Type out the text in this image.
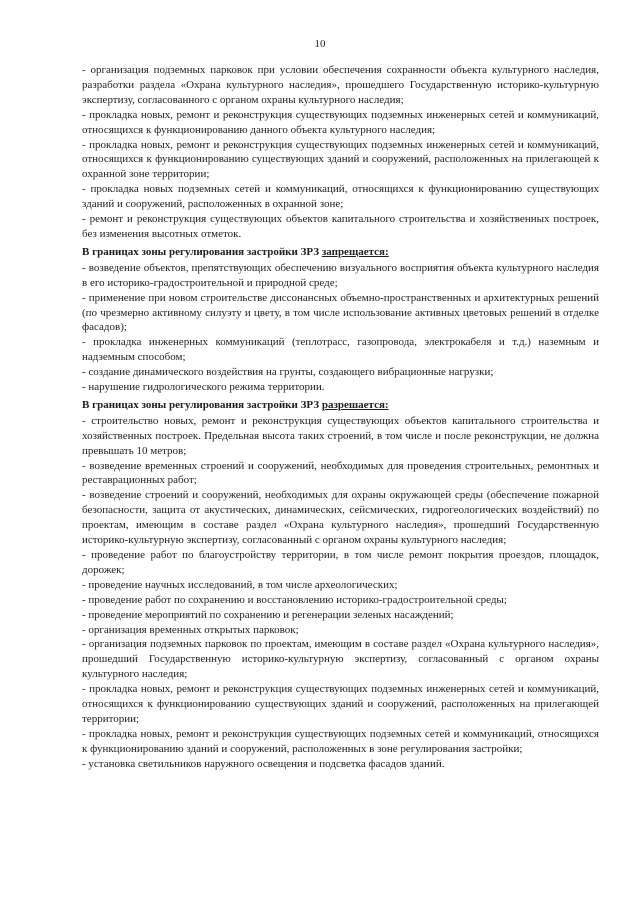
10

- организация подземных парковок при условии обеспечения сохранности объекта культурного наследия, разработки раздела «Охрана культурного наследия», прошедшего Государственную историко-культурную экспертизу, согласованного с органом охраны культурного наследия;

- прокладка новых, ремонт и реконструкция существующих подземных инженерных сетей и коммуникаций, относящихся к функционированию данного объекта культурного наследия;

- прокладка новых, ремонт и реконструкция существующих подземных инженерных сетей и коммуникаций, относящихся к функционированию существующих зданий и сооружений, расположенных на прилегающей к охранной зоне территории;

- прокладка новых подземных сетей и коммуникаций, относящихся к функционированию существующих зданий и сооружений, расположенных в охранной зоне;

- ремонт и реконструкция существующих объектов капитального строительства и хозяйственных построек, без изменения высотных отметок.

В границах зоны регулирования застройки ЗРЗ запрещается:

- возведение объектов, препятствующих обеспечению визуального восприятия объекта культурного наследия в его историко-градостроительной и природной среде;

- применение при новом строительстве диссонансных объемно-пространственных и архитектурных решений (по чрезмерно активному силуэту и цвету, в том числе использование активных цветовых решений в отделке фасадов);

- прокладка инженерных коммуникаций (теплотрасс, газопровода, электрокабеля и т.д.) наземным и надземным способом;

- создание динамического воздействия на грунты, создающего вибрационные нагрузки;

- нарушение гидрологического режима территории.

В границах зоны регулирования застройки ЗРЗ разрешается:

- строительство новых, ремонт и реконструкция существующих объектов капитального строительства и хозяйственных построек. Предельная высота таких строений, в том числе и после реконструкции, не должна превышать 10 метров;

- возведение временных строений и сооружений, необходимых для проведения строительных, ремонтных и реставрационных работ;

- возведение строений и сооружений, необходимых для охраны окружающей среды (обеспечение пожарной безопасности, защита от акустических, динамических, сейсмических, гидрогеологических воздействий) по проектам, имеющим в составе раздел «Охрана культурного наследия», прошедший Государственную историко-культурную экспертизу, согласованный с органом охраны культурного наследия;

- проведение работ по благоустройству территории, в том числе ремонт покрытия проездов, площадок, дорожек;

- проведение научных исследований, в том числе археологических;

- проведение работ по сохранению и восстановлению историко-градостроительной среды;

- проведение мероприятий по сохранению и регенерации зеленых насаждений;

- организация временных открытых парковок;

- организация подземных парковок по проектам, имеющим в составе раздел «Охрана культурного наследия», прошедший Государственную историко-культурную экспертизу, согласованный с органом охраны культурного наследия;

- прокладка новых, ремонт и реконструкция существующих подземных инженерных сетей и коммуникаций, относящихся к функционированию существующих зданий и сооружений, расположенных на прилегающей территории;

- прокладка новых, ремонт и реконструкция существующих подземных сетей и коммуникаций, относящихся к функционированию зданий и сооружений, расположенных в зоне регулирования застройки;

- установка светильников наружного освещения и подсветка фасадов зданий.
